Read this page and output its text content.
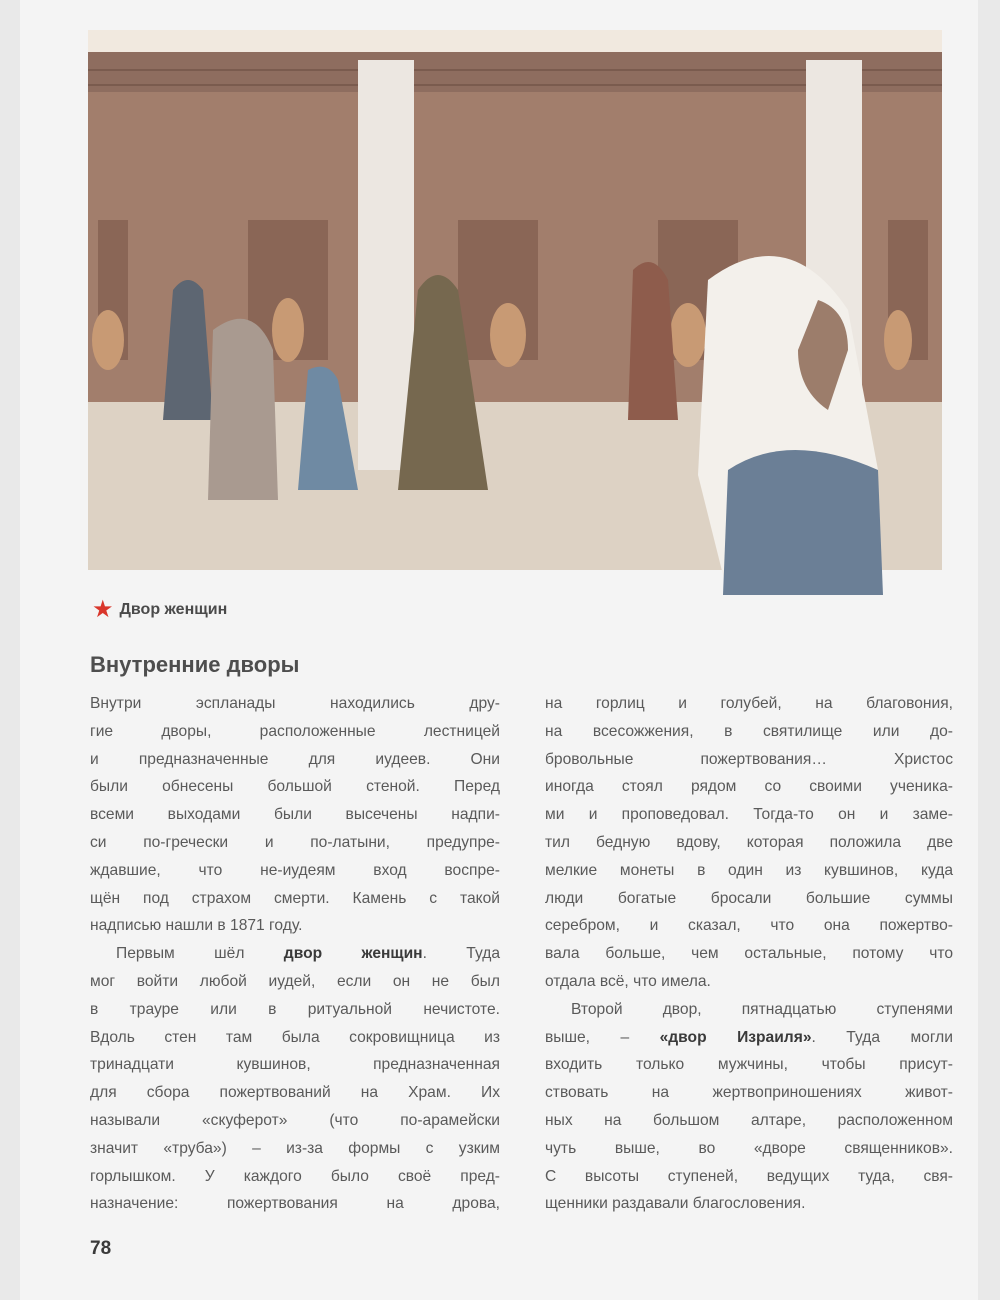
★ Двор женщин
Внутренние дворы
Внутри эспланады находились дру-
гие дворы, расположенные лестницей
и предназначенные для иудеев. Они
были обнесены большой стеной. Перед
всеми выходами были высечены надпи-
си по-гречески и по-латыни, предупре-
ждавшие, что не-иудеям вход воспре-
щён под страхом смерти. Камень с такой
надписью нашли в 1871 году.
Первым шёл двор женщин. Туда
мог войти любой иудей, если он не был
в трауре или в ритуальной нечистоте.
Вдоль стен там была сокровищница из
тринадцати кувшинов, предназначенная
для сбора пожертвований на Храм. Их
называли «скуферот» (что по-арамейски
значит «труба») – из-за формы с узким
горлышком. У каждого было своё пред-
назначение: пожертвования на дрова,
на горлиц и голубей, на благовония,
на всесожжения, в святилище или до-
бровольные пожертвования… Христос
иногда стоял рядом со своими ученика-
ми и проповедовал. Тогда-то он и заме-
тил бедную вдову, которая положила две
мелкие монеты в один из кувшинов, куда
люди богатые бросали большие суммы
серебром, и сказал, что она пожертво-
вала больше, чем остальные, потому что
отдала всё, что имела.
Второй двор, пятнадцатью ступенями
выше, – «двор Израиля». Туда могли
входить только мужчины, чтобы присут-
ствовать на жертвоприношениях живот-
ных на большом алтаре, расположенном
чуть выше, во «дворе священников».
С высоты ступеней, ведущих туда, свя-
щенники раздавали благословения.
78
